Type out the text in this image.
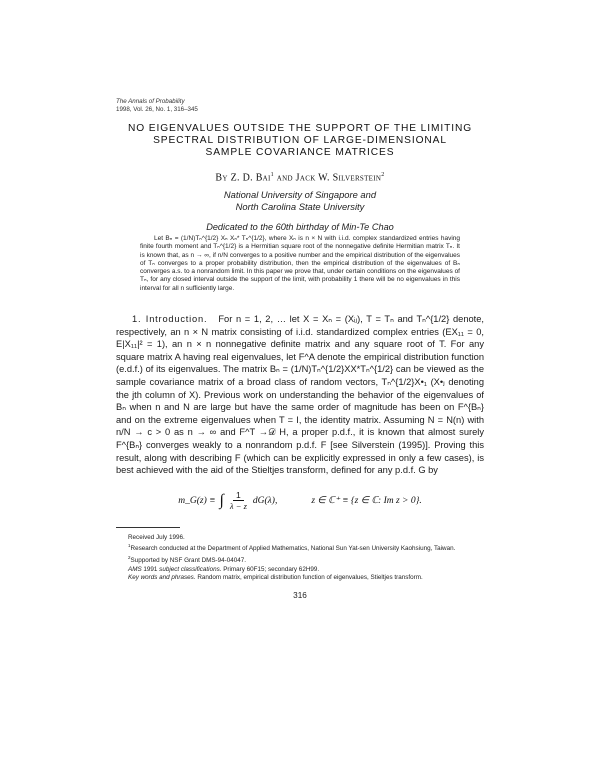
The Annals of Probability
1998, Vol. 26, No. 1, 316–345
NO EIGENVALUES OUTSIDE THE SUPPORT OF THE LIMITING
SPECTRAL DISTRIBUTION OF LARGE-DIMENSIONAL
SAMPLE COVARIANCE MATRICES
By Z. D. Bai$^1$ and Jack W. Silverstein$^2$
National University of Singapore and
North Carolina State University
Dedicated to the 60th birthday of Min-Te Chao

Let Bₙ = (1/N)Tₙ^{1/2} Xₙ Xₙ* Tₙ^{1/2}, where Xₙ is n × N with i.i.d. complex standardized entries having finite fourth moment and Tₙ^{1/2} is a Hermitian square root of the nonnegative definite Hermitian matrix Tₙ. It is known that, as n → ∞, if n/N converges to a positive number and the empirical distribution of the eigenvalues of Tₙ converges to a proper probability distribution, then the empirical distribution of the eigenvalues of Bₙ converges a.s. to a nonrandom limit. In this paper we prove that, under certain conditions on the eigenvalues of Tₙ, for any closed interval outside the support of the limit, with probability 1 there will be no eigenvalues in this interval for all n sufficiently large.

1. Introduction. For n = 1, 2, … let X = Xₙ = (Xᵢⱼ), T = Tₙ and Tₙ^{1/2} denote, respectively, an n × N matrix consisting of i.i.d. standardized complex entries (EX₁₁ = 0, E|X₁₁|² = 1), an n × n nonnegative definite matrix and any square root of T. For any square matrix A having real eigenvalues, let F^A denote the empirical distribution function (e.d.f.) of its eigenvalues. The matrix Bₙ = (1/N)Tₙ^{1/2}XX*Tₙ^{1/2} can be viewed as the sample covariance matrix of a broad class of random vectors, Tₙ^{1/2}X•₁ (X•ⱼ denoting the jth column of X). Previous work on understanding the behavior of the eigenvalues of Bₙ when n and N are large but have the same order of magnitude has been on F^{Bₙ} and on the extreme eigenvalues when T = I, the identity matrix. Assuming N = N(n) with n/N → c > 0 as n → ∞ and F^T →𝒟 H, a proper p.d.f., it is known that almost surely F^{Bₙ} converges weakly to a nonrandom p.d.f. F [see Silverstein (1995)]. Proving this result, along with describing F (which can be explicitly expressed in only a few cases), is best achieved with the aid of the Stieltjes transform, defined for any p.d.f. G by

m_G(z) ≡ ∫ $\frac{1}{\lambda - z} dG(\lambda)$,	z ∈ ℂ⁺ ≡ {z ∈ ℂ: Im z > 0}.

Received July 1996.

$^1$Research conducted at the Department of Applied Mathematics, National Sun Yat-sen University Kaohsiung, Taiwan.

$^2$Supported by NSF Grant DMS-94-04047.

AMS 1991 subject classifications. Primary 60F15; secondary 62H99.

Key words and phrases. Random matrix, empirical distribution function of eigenvalues, Stieltjes transform.

316
